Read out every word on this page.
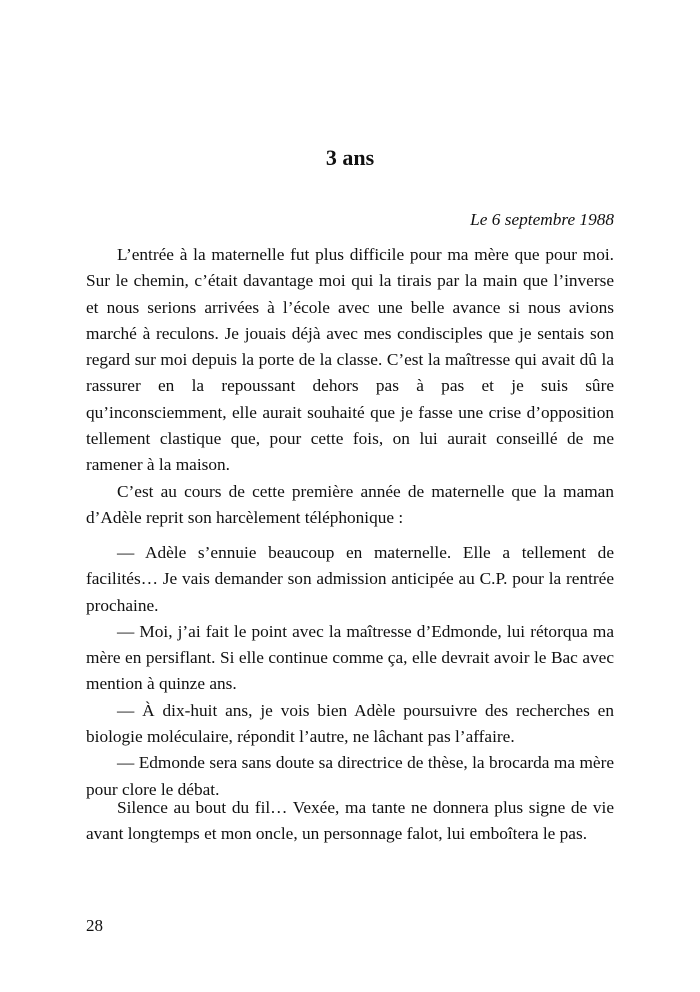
3 ans
Le 6 septembre 1988

L’entrée à la maternelle fut plus difficile pour ma mère que pour moi. Sur le chemin, c’était davantage moi qui la tirais par la main que l’inverse et nous serions arrivées à l’école avec une belle avance si nous avions marché à reculons. Je jouais déjà avec mes condisciples que je sentais son regard sur moi depuis la porte de la classe. C’est la maîtresse qui avait dû la rassurer en la repoussant dehors pas à pas et je suis sûre qu’inconsciemment, elle aurait souhaité que je fasse une crise d’opposition tellement clastique que, pour cette fois, on lui aurait conseillé de me ramener à la maison.

C’est au cours de cette première année de maternelle que la maman d’Adèle reprit son harcèlement téléphonique :

— Adèle s’ennuie beaucoup en maternelle. Elle a tellement de facilités… Je vais demander son admission anticipée au C.P. pour la rentrée prochaine.

— Moi, j’ai fait le point avec la maîtresse d’Edmonde, lui rétorqua ma mère en persiflant. Si elle continue comme ça, elle devrait avoir le Bac avec mention à quinze ans.

— À dix-huit ans, je vois bien Adèle poursuivre des recherches en biologie moléculaire, répondit l’autre, ne lâchant pas l’affaire.

— Edmonde sera sans doute sa directrice de thèse, la brocarda ma mère pour clore le débat.

Silence au bout du fil… Vexée, ma tante ne donnera plus signe de vie avant longtemps et mon oncle, un personnage falot, lui emboîtera le pas.

28
